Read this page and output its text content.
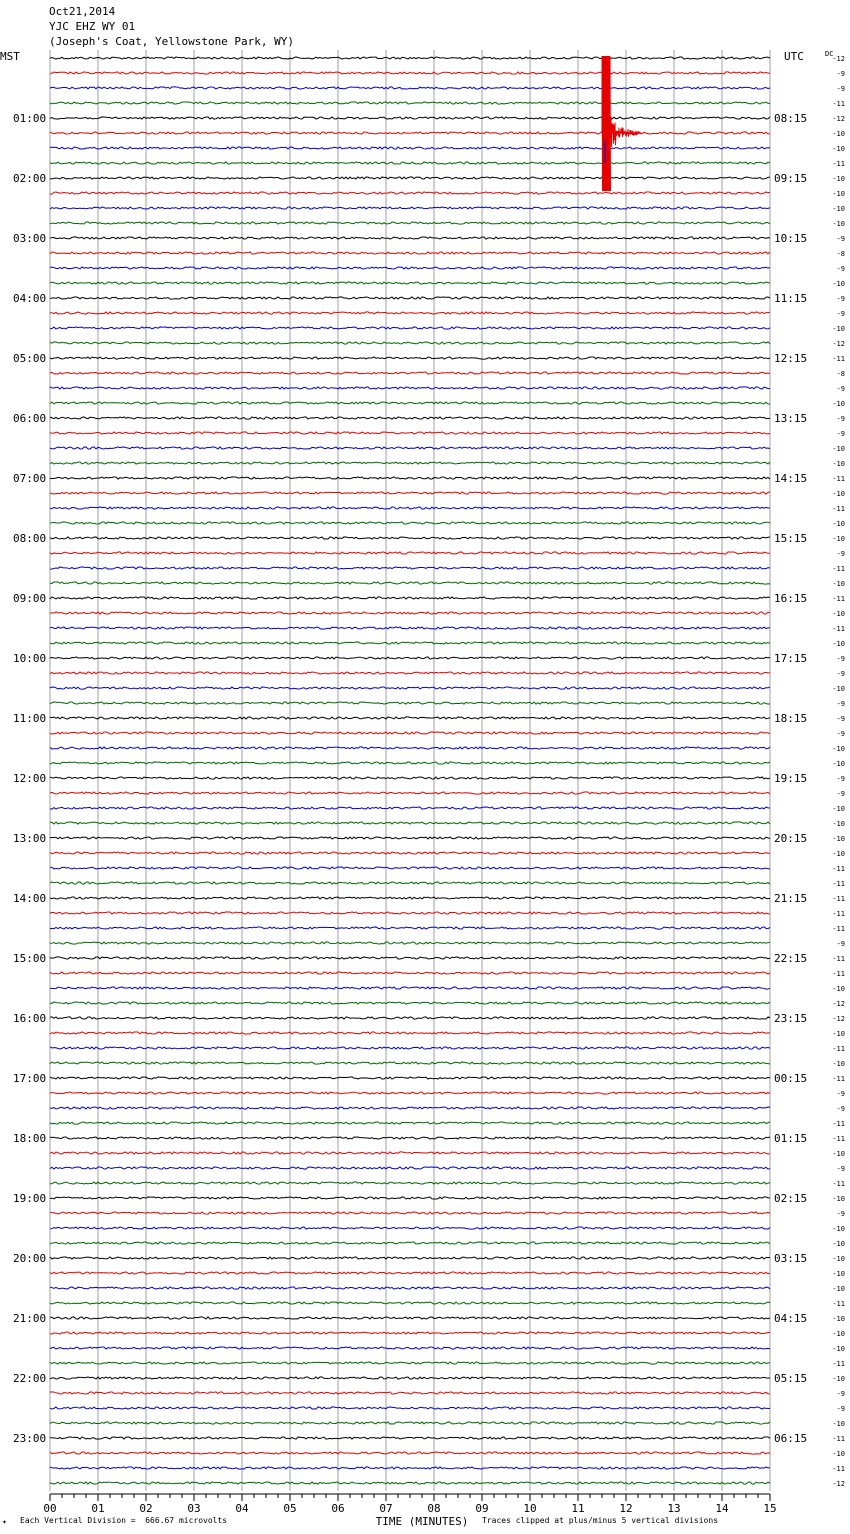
Oct21,2014
YJC EHZ WY 01
(Joseph's Coat, Yellowstone Park, WY)
MST	UTC
01:00
02:00
03:00
04:00
05:00
06:00
07:00
08:00
09:00
10:00
11:00
12:00
13:00
14:00
15:00
16:00
17:00
18:00
19:00
20:00
21:00
22:00
23:00
08:15
09:15
10:15
11:15
12:15
13:15
14:15
15:15
16:15
17:15
18:15
19:15
20:15
21:15
22:15
23:15
00:15
01:15
02:15
03:15
04:15
05:15
06:15
DC
-12
-9
-9
-11
-12
-10
-10
-11
-10
-10
-10
-10
-9
-8
-9
-10
-9
-9
-10
-12
-11
-8
-9
-10
-9
-9
-10
-10
-11
-10
-11
-10
-10
-9
-11
-10
-11
-10
-11
-10
-9
-9
-10
-9
-9
-9
-10
-10
-9
-9
-10
-10
-10
-10
-11
-11
-11
-11
-11
-9
-11
-11
-10
-12
-12
-10
-11
-10
-11
-9
-9
-11
-11
-10
-9
-11
-10
-9
-10
-10
-10
-10
-10
-11
-10
-10
-10
-11
-10
-9
-9
-10
-11
-10
-11
-12
00	01	02	03	04	05	06	07	08	09	10	11	12	13	14	15
TIME (MINUTES)
✦ Each Vertical Division =  666.67 microvolts	Traces clipped at plus/minus 5 vertical divisions
